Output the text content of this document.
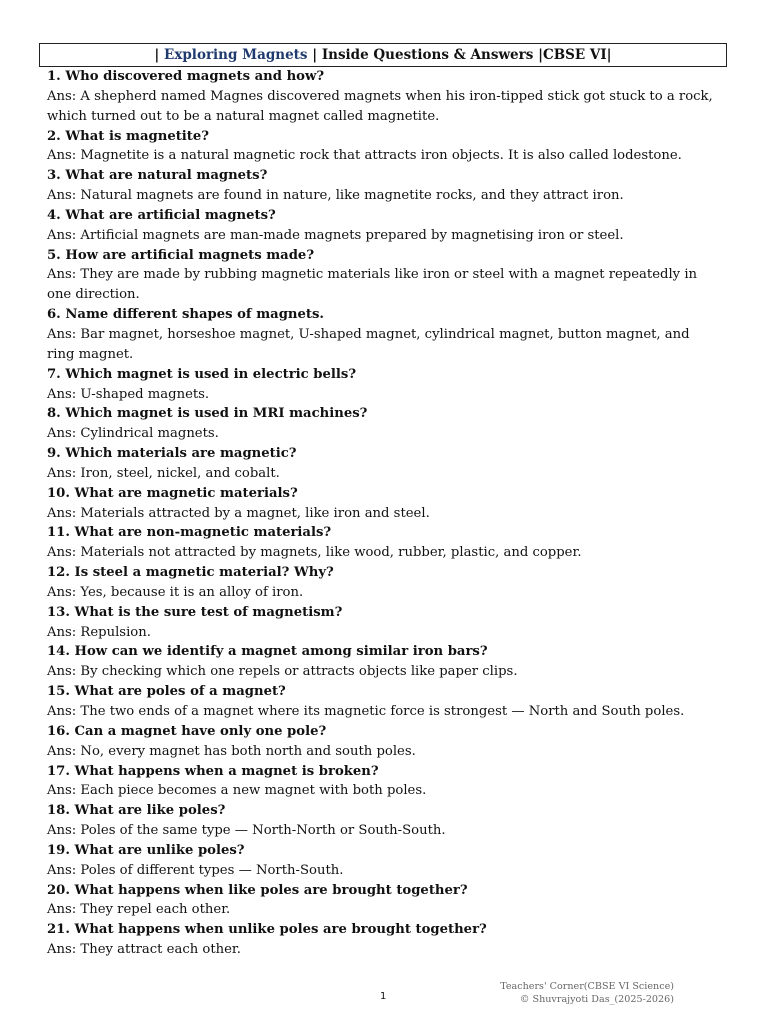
| Exploring Magnets | Inside Questions & Answers |CBSE VI|
1. Who discovered magnets and how?
Ans: A shepherd named Magnes discovered magnets when his iron-tipped stick got stuck to a rock, which turned out to be a natural magnet called magnetite.
2. What is magnetite?
Ans: Magnetite is a natural magnetic rock that attracts iron objects. It is also called lodestone.
3. What are natural magnets?
Ans: Natural magnets are found in nature, like magnetite rocks, and they attract iron.
4. What are artificial magnets?
Ans: Artificial magnets are man-made magnets prepared by magnetising iron or steel.
5. How are artificial magnets made?
Ans: They are made by rubbing magnetic materials like iron or steel with a magnet repeatedly in one direction.
6. Name different shapes of magnets.
Ans: Bar magnet, horseshoe magnet, U-shaped magnet, cylindrical magnet, button magnet, and ring magnet.
7. Which magnet is used in electric bells?
Ans: U-shaped magnets.
8. Which magnet is used in MRI machines?
Ans: Cylindrical magnets.
9. Which materials are magnetic?
Ans: Iron, steel, nickel, and cobalt.
10. What are magnetic materials?
Ans: Materials attracted by a magnet, like iron and steel.
11. What are non-magnetic materials?
Ans: Materials not attracted by magnets, like wood, rubber, plastic, and copper.
12. Is steel a magnetic material? Why?
Ans: Yes, because it is an alloy of iron.
13. What is the sure test of magnetism?
Ans: Repulsion.
14. How can we identify a magnet among similar iron bars?
Ans: By checking which one repels or attracts objects like paper clips.
15. What are poles of a magnet?
Ans: The two ends of a magnet where its magnetic force is strongest — North and South poles.
16. Can a magnet have only one pole?
Ans: No, every magnet has both north and south poles.
17. What happens when a magnet is broken?
Ans: Each piece becomes a new magnet with both poles.
18. What are like poles?
Ans: Poles of the same type — North-North or South-South.
19. What are unlike poles?
Ans: Poles of different types — North-South.
20. What happens when like poles are brought together?
Ans: They repel each other.
21. What happens when unlike poles are brought together?
Ans: They attract each other.
1
Teachers' Corner(CBSE VI Science)
© Shuvrajyoti Das_(2025-2026)
